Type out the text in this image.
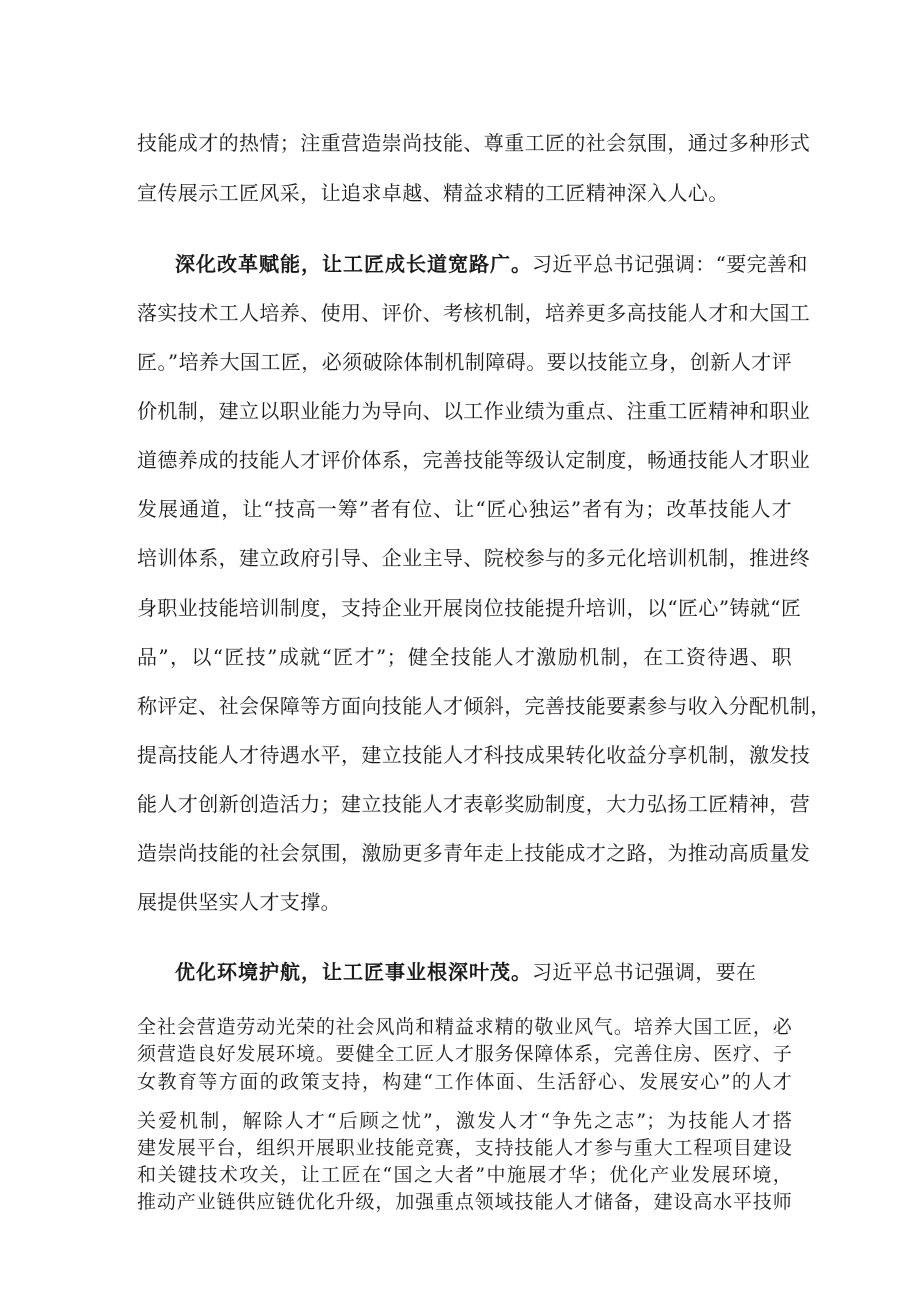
技能成才的热情；注重营造崇尚技能、尊重工匠的社会氛围，通过多种形式
宣传展示工匠风采，让追求卓越、精益求精的工匠精神深入人心。
深化改革赋能，让工匠成长道宽路广。习近平总书记强调：“要完善和
落实技术工人培养、使用、评价、考核机制，培养更多高技能人才和大国工
匠。”培养大国工匠，必须破除体制机制障碍。要以技能立身，创新人才评
价机制，建立以职业能力为导向、以工作业绩为重点、注重工匠精神和职业
道德养成的技能人才评价体系，完善技能等级认定制度，畅通技能人才职业
发展通道，让“技高一筹”者有位、让“匠心独运”者有为；改革技能人才
培训体系，建立政府引导、企业主导、院校参与的多元化培训机制，推进终
身职业技能培训制度，支持企业开展岗位技能提升培训，以“匠心”铸就“匠
品”，以“匠技”成就“匠才”；健全技能人才激励机制，在工资待遇、职
称评定、社会保障等方面向技能人才倾斜，完善技能要素参与收入分配机制，
提高技能人才待遇水平，建立技能人才科技成果转化收益分享机制，激发技
能人才创新创造活力；建立技能人才表彰奖励制度，大力弘扬工匠精神，营
造崇尚技能的社会氛围，激励更多青年走上技能成才之路，为推动高质量发
展提供坚实人才支撑。
优化环境护航，让工匠事业根深叶茂。习近平总书记强调，要在
全社会营造劳动光荣的社会风尚和精益求精的敬业风气。培养大国工匠，必
须营造良好发展环境。要健全工匠人才服务保障体系，完善住房、医疗、子
女教育等方面的政策支持，构建“工作体面、生活舒心、发展安心”的人才
关爱机制，解除人才“后顾之忧”，激发人才“争先之志”；为技能人才搭
建发展平台，组织开展职业技能竞赛，支持技能人才参与重大工程项目建设
和关键技术攻关，让工匠在“国之大者”中施展才华；优化产业发展环境，
推动产业链供应链优化升级，加强重点领域技能人才储备，建设高水平技师
